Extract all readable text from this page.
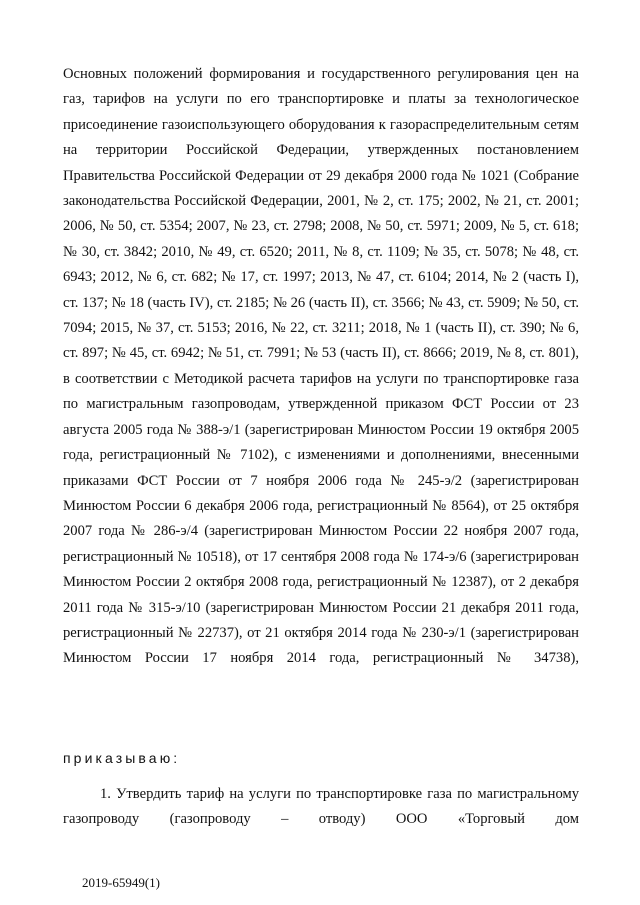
Основных положений формирования и государственного регулирования цен на газ, тарифов на услуги по его транспортировке и платы за технологическое присоединение газоиспользующего оборудования к газораспределительным сетям на территории Российской Федерации, утвержденных постановлением Правительства Российской Федерации от 29 декабря 2000 года № 1021 (Собрание законодательства Российской Федерации, 2001, № 2, ст. 175; 2002, № 21, ст. 2001; 2006, № 50, ст. 5354; 2007, № 23, ст. 2798; 2008, № 50, ст. 5971; 2009, № 5, ст. 618; № 30, ст. 3842; 2010, № 49, ст. 6520; 2011, № 8, ст. 1109; № 35, ст. 5078; № 48, ст. 6943; 2012, № 6, ст. 682; № 17, ст. 1997; 2013, № 47, ст. 6104; 2014, № 2 (часть I), ст. 137; № 18 (часть IV), ст. 2185; № 26 (часть II), ст. 3566; № 43, ст. 5909; № 50, ст. 7094; 2015, № 37, ст. 5153; 2016, № 22, ст. 3211; 2018, № 1 (часть II), ст. 390; № 6, ст. 897; № 45, ст. 6942; № 51, ст. 7991; № 53 (часть II), ст. 8666; 2019, № 8, ст. 801), в соответствии с Методикой расчета тарифов на услуги по транспортировке газа по магистральным газопроводам, утвержденной приказом ФСТ России от 23 августа 2005 года № 388-э/1 (зарегистрирован Минюстом России 19 октября 2005 года, регистрационный № 7102), с изменениями и дополнениями, внесенными приказами ФСТ России от 7 ноября 2006 года № 245-э/2 (зарегистрирован Минюстом России 6 декабря 2006 года, регистрационный № 8564), от 25 октября 2007 года № 286-э/4 (зарегистрирован Минюстом России 22 ноября 2007 года, регистрационный № 10518), от 17 сентября 2008 года № 174-э/6 (зарегистрирован Минюстом России 2 октября 2008 года, регистрационный № 12387), от 2 декабря 2011 года № 315-э/10 (зарегистрирован Минюстом России 21 декабря 2011 года, регистрационный № 22737), от 21 октября 2014 года № 230-э/1 (зарегистрирован Минюстом России 17 ноября 2014 года, регистрационный № 34738),

приказываю:

1. Утвердить тариф на услуги по транспортировке газа по магистральному газопроводу (газопроводу – отводу) ООО «Торговый дом

2019-65949(1)
